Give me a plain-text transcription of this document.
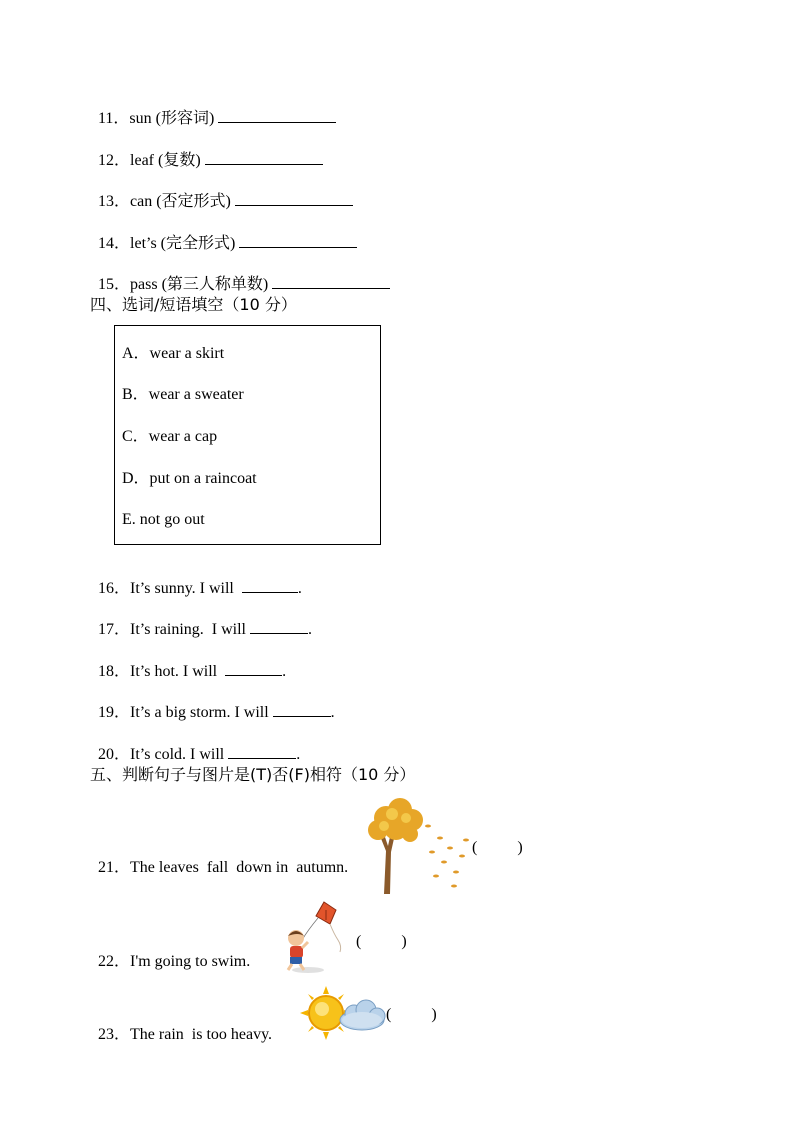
11．sun (形容词)

12．leaf (复数)

13．can (否定形式)

14．let’s (完全形式)

15．pass (第三人称单数)

四、选词/短语填空（10 分）
A．wear a skirt
B．wear a sweater
C．wear a cap
D．put on a raincoat
E. not go out

16．It’s sunny. I will	.

17．It’s raining.  I will	.

18．It’s hot. I will	.

19．It’s a big storm. I will	.

20．It’s cold. I will	.

五、判断句子与图片是(T)否(F)相符（10 分）

21．The leaves  fall  down in  autumn.

(          )

22．I'm going to swim.

(          )

23．The rain  is too heavy.

(          )
